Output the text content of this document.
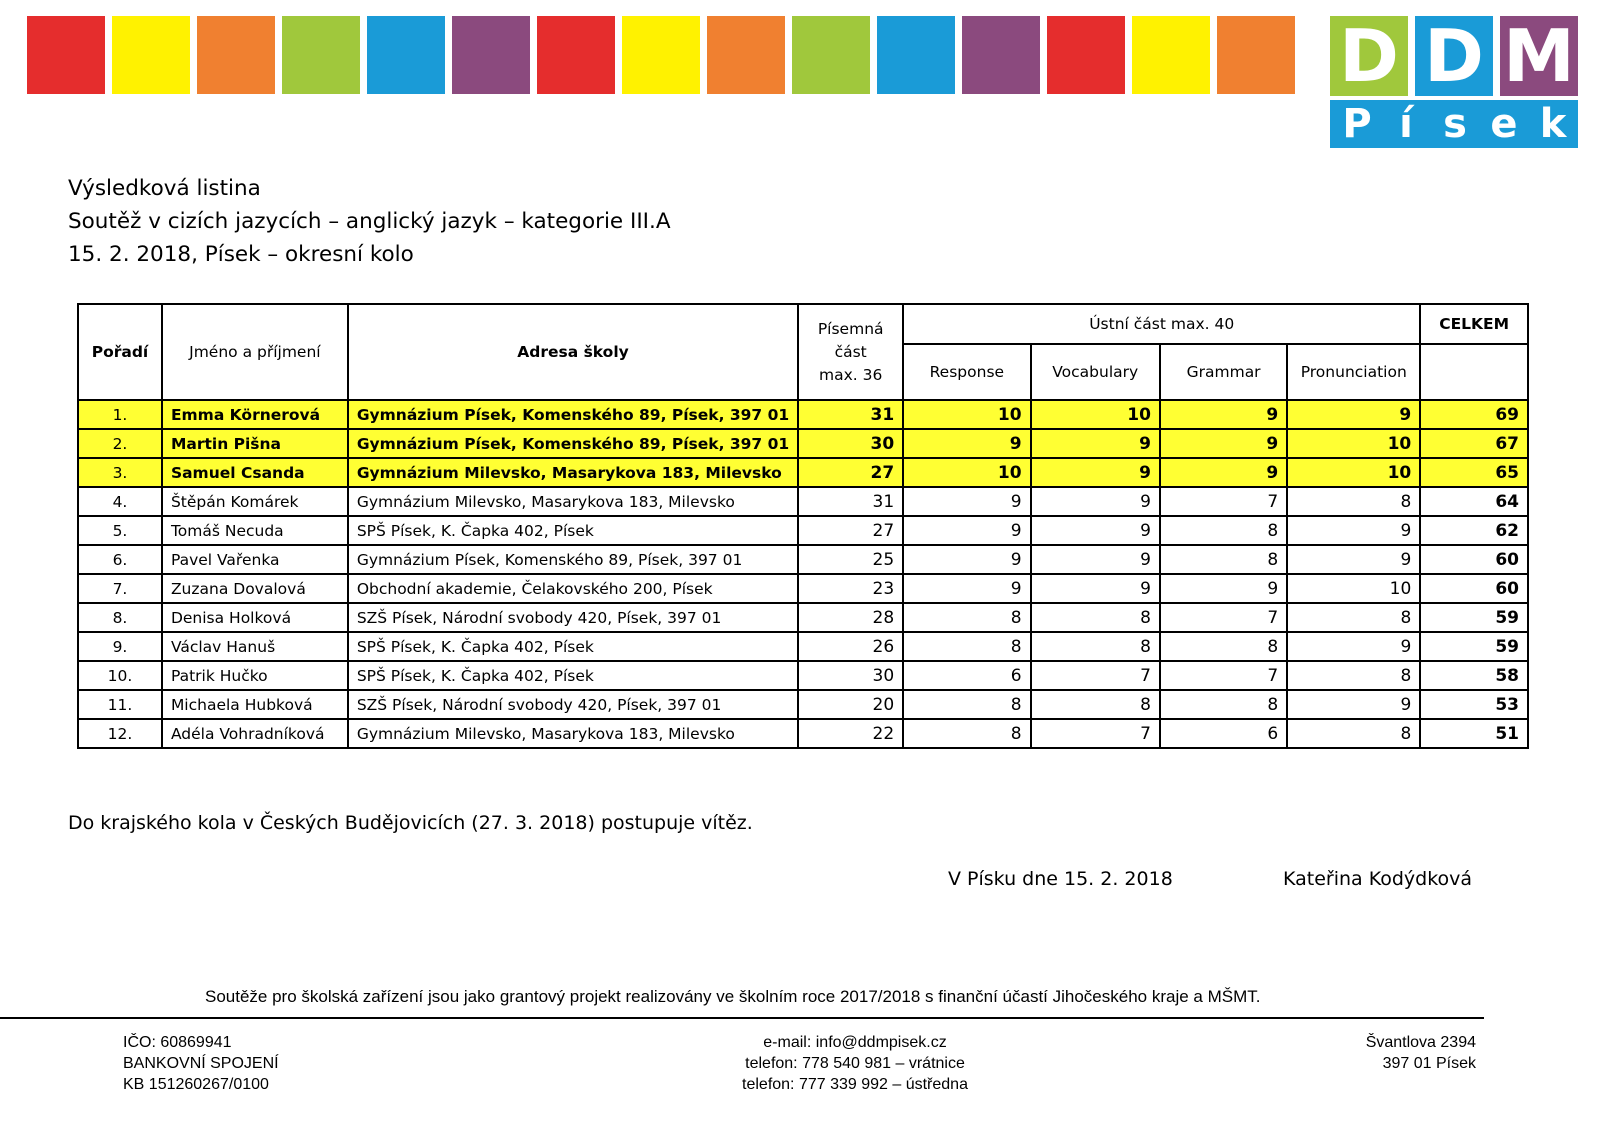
D D M
P í s e k
Výsledková listina
Soutěž v cizích jazycích – anglický jazyk – kategorie III.A
15. 2. 2018, Písek – okresní kolo
Pořadí	Jméno a příjmení	Adresa školy	Písemná část max. 36	Ústní část max. 40				CELKEM
				Response	Vocabulary	Grammar	Pronunciation	
1.	Emma Körnerová	Gymnázium Písek, Komenského 89, Písek, 397 01	31	10	10	9	9	69
2.	Martin Pišna	Gymnázium Písek, Komenského 89, Písek, 397 01	30	9	9	9	10	67
3.	Samuel Csanda	Gymnázium Milevsko, Masarykova 183, Milevsko	27	10	9	9	10	65
4.	Štěpán Komárek	Gymnázium Milevsko, Masarykova 183, Milevsko	31	9	9	7	8	64
5.	Tomáš Necuda	SPŠ Písek, K. Čapka 402, Písek	27	9	9	8	9	62
6.	Pavel Vařenka	Gymnázium Písek, Komenského 89, Písek, 397 01	25	9	9	8	9	60
7.	Zuzana Dovalová	Obchodní akademie, Čelakovského 200, Písek	23	9	9	9	10	60
8.	Denisa Holková	SZŠ Písek, Národní svobody 420, Písek, 397 01	28	8	8	7	8	59
9.	Václav Hanuš	SPŠ Písek, K. Čapka 402, Písek	26	8	8	8	9	59
10.	Patrik Hučko	SPŠ Písek, K. Čapka 402, Písek	30	6	7	7	8	58
11.	Michaela Hubková	SZŠ Písek, Národní svobody 420, Písek, 397 01	20	8	8	8	9	53
12.	Adéla Vohradníková	Gymnázium Milevsko, Masarykova 183, Milevsko	22	8	7	6	8	51
Do krajského kola v Českých Budějovicích (27. 3. 2018) postupuje vítěz.
V Písku dne 15. 2. 2018	Kateřina Kodýdková
Soutěže pro školská zařízení jsou jako grantový projekt realizovány ve školním roce 2017/2018 s finanční účastí Jihočeského kraje a MŠMT.
IČO: 60869941
BANKOVNÍ SPOJENÍ
KB 151260267/0100
e-mail: info@ddmpisek.cz
telefon: 778 540 981 – vrátnice
telefon: 777 339 992 – ústředna
Švantlova 2394
397 01 Písek
